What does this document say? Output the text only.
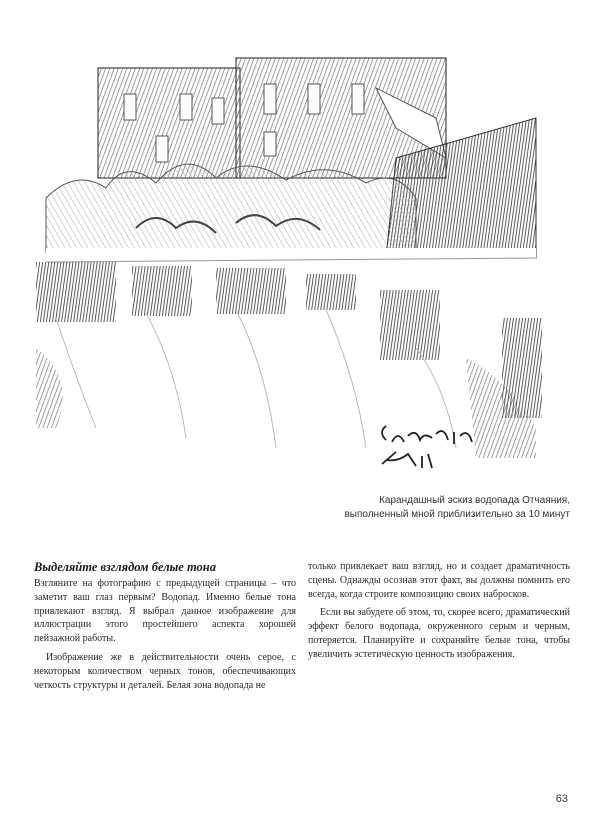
Карандашный эскиз водопада Отчаяния,
выполненный мной приблизительно за 10 минут
Выделяйте взглядом белые тона

Взгляните на фотографию с предыдущей страницы – что заметит ваш глаз первым? Водопад. Именно белые тона привлекают взгляд. Я выбрал данное изображение для иллюстрации этого простейшего аспекта хорошей пейзажной работы.

Изображение же в действительности очень серое, с некоторым количеством черных тонов, обеспечивающих четкость структуры и деталей. Белая зона водопада не

только привлекает ваш взгляд, но и создает драматичность сцены. Однажды осознав этот факт, вы должны помнить его всегда, когда строите композицию своих набросков.

Если вы забудете об этом, то, скорее всего, драматический эффект белого водопада, окруженного серым и черным, потеряется. Планируйте и сохраняйте белые тона, чтобы увеличить эстетическую ценность изображения.

63
